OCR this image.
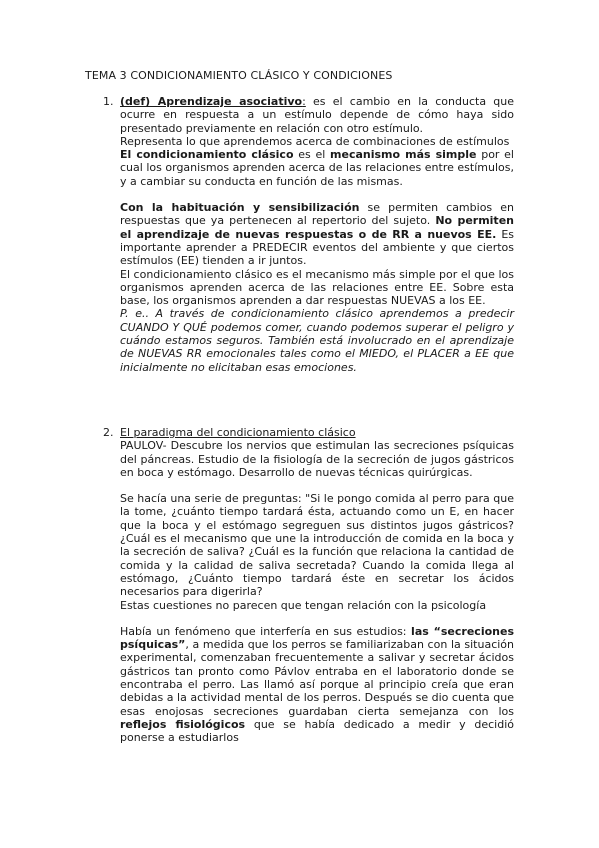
TEMA 3 CONDICIONAMIENTO CLÁSICO Y CONDICIONES
1. (def) Aprendizaje asociativo: es el cambio en la conducta que ocurre en respuesta a un estímulo depende de cómo haya sido presentado previamente en relación con otro estímulo.

Representa lo que aprendemos acerca de combinaciones de estímulos

El condicionamiento clásico es el mecanismo más simple por el cual los organismos aprenden acerca de las relaciones entre estímulos, y a cambiar su conducta en función de las mismas.

Con la habituación y sensibilización se permiten cambios en respuestas que ya pertenecen al repertorio del sujeto. No permiten el aprendizaje de nuevas respuestas o de RR a nuevos EE. Es importante aprender a PREDECIR eventos del ambiente y que ciertos estímulos (EE) tienden a ir juntos.

El condicionamiento clásico es el mecanismo más simple por el que los organismos aprenden acerca de las relaciones entre EE. Sobre esta base, los organismos aprenden a dar respuestas NUEVAS a los EE.

P. e.. A través de condicionamiento clásico aprendemos a predecir CUANDO Y QUÉ podemos comer, cuando podemos superar el peligro y cuándo estamos seguros. También está involucrado en el aprendizaje de NUEVAS RR emocionales tales como el MIEDO, el PLACER a EE que inicialmente no elicitaban esas emociones.

2. El paradigma del condicionamiento clásico

PAULOV- Descubre los nervios que estimulan las secreciones psíquicas del páncreas. Estudio de la fisiología de la secreción de jugos gástricos en boca y estómago. Desarrollo de nuevas técnicas quirúrgicas.

Se hacía una serie de preguntas: "Si le pongo comida al perro para que la tome, ¿cuánto tiempo tardará ésta, actuando como un E, en hacer que la boca y el estómago segreguen sus distintos jugos gástricos? ¿Cuál es el mecanismo que une la introducción de comida en la boca y la secreción de saliva? ¿Cuál es la función que relaciona la cantidad de comida y la calidad de saliva secretada? Cuando la comida llega al estómago, ¿Cuánto tiempo tardará éste en secretar los ácidos necesarios para digerirla?

Estas cuestiones no parecen que tengan relación con la psicología

Había un fenómeno que interfería en sus estudios: las “secreciones psíquicas”, a medida que los perros se familiarizaban con la situación experimental, comenzaban frecuentemente a salivar y secretar ácidos gástricos tan pronto como Pávlov entraba en el laboratorio donde se encontraba el perro. Las llamó así porque al principio creía que eran debidas a la actividad mental de los perros. Después se dio cuenta que esas enojosas secreciones guardaban cierta semejanza con los reflejos fisiológicos que se había dedicado a medir y decidió ponerse a estudiarlos
